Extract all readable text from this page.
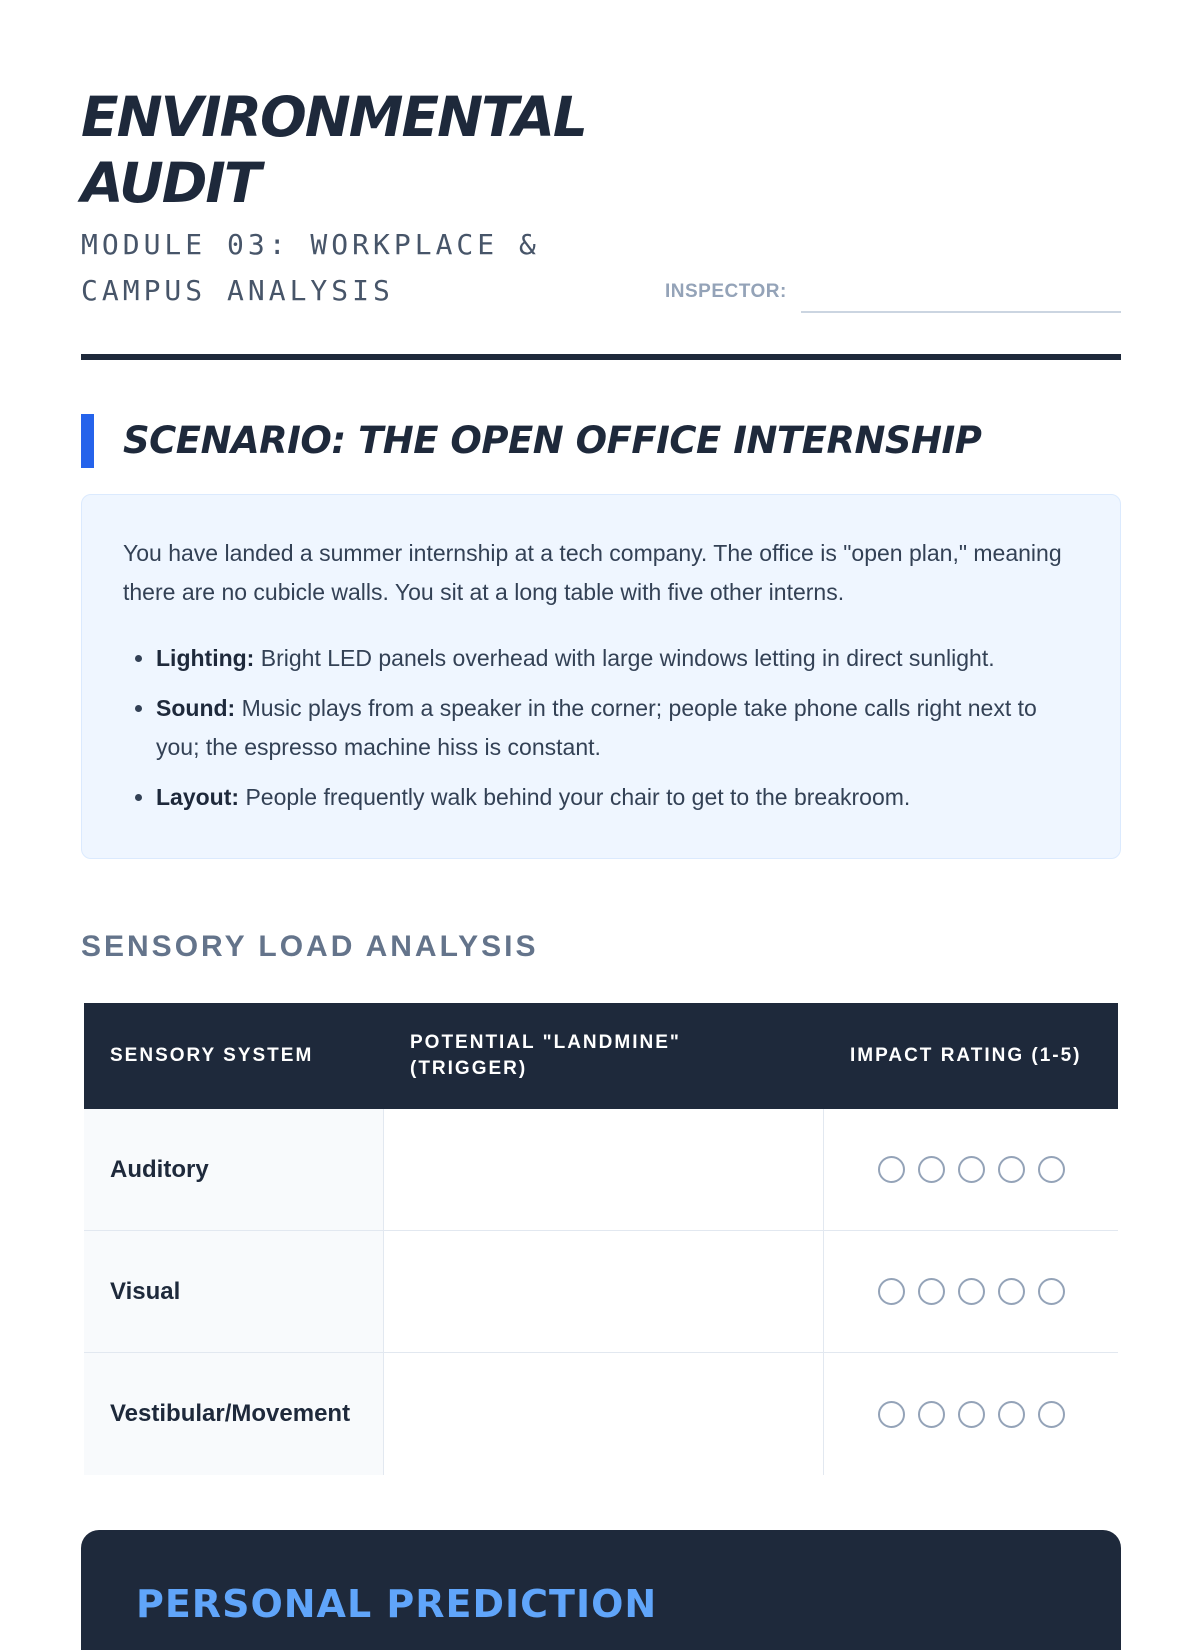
ENVIRONMENTAL AUDIT
MODULE 03: WORKPLACE & CAMPUS ANALYSIS	INSPECTOR:
SCENARIO: THE OPEN OFFICE INTERNSHIP

You have landed a summer internship at a tech company. The office is "open plan," meaning there are no cubicle walls. You sit at a long table with five other interns.

• Lighting: Bright LED panels overhead with large windows letting in direct sunlight.
• Sound: Music plays from a speaker in the corner; people take phone calls right next to you; the espresso machine hiss is constant.
• Layout: People frequently walk behind your chair to get to the breakroom.
SENSORY LOAD ANALYSIS
SENSORY SYSTEM
POTENTIAL "LANDMINE" (TRIGGER)
IMPACT RATING (1-5)
Auditory
Visual
Vestibular/Movement
PERSONAL PREDICTION
